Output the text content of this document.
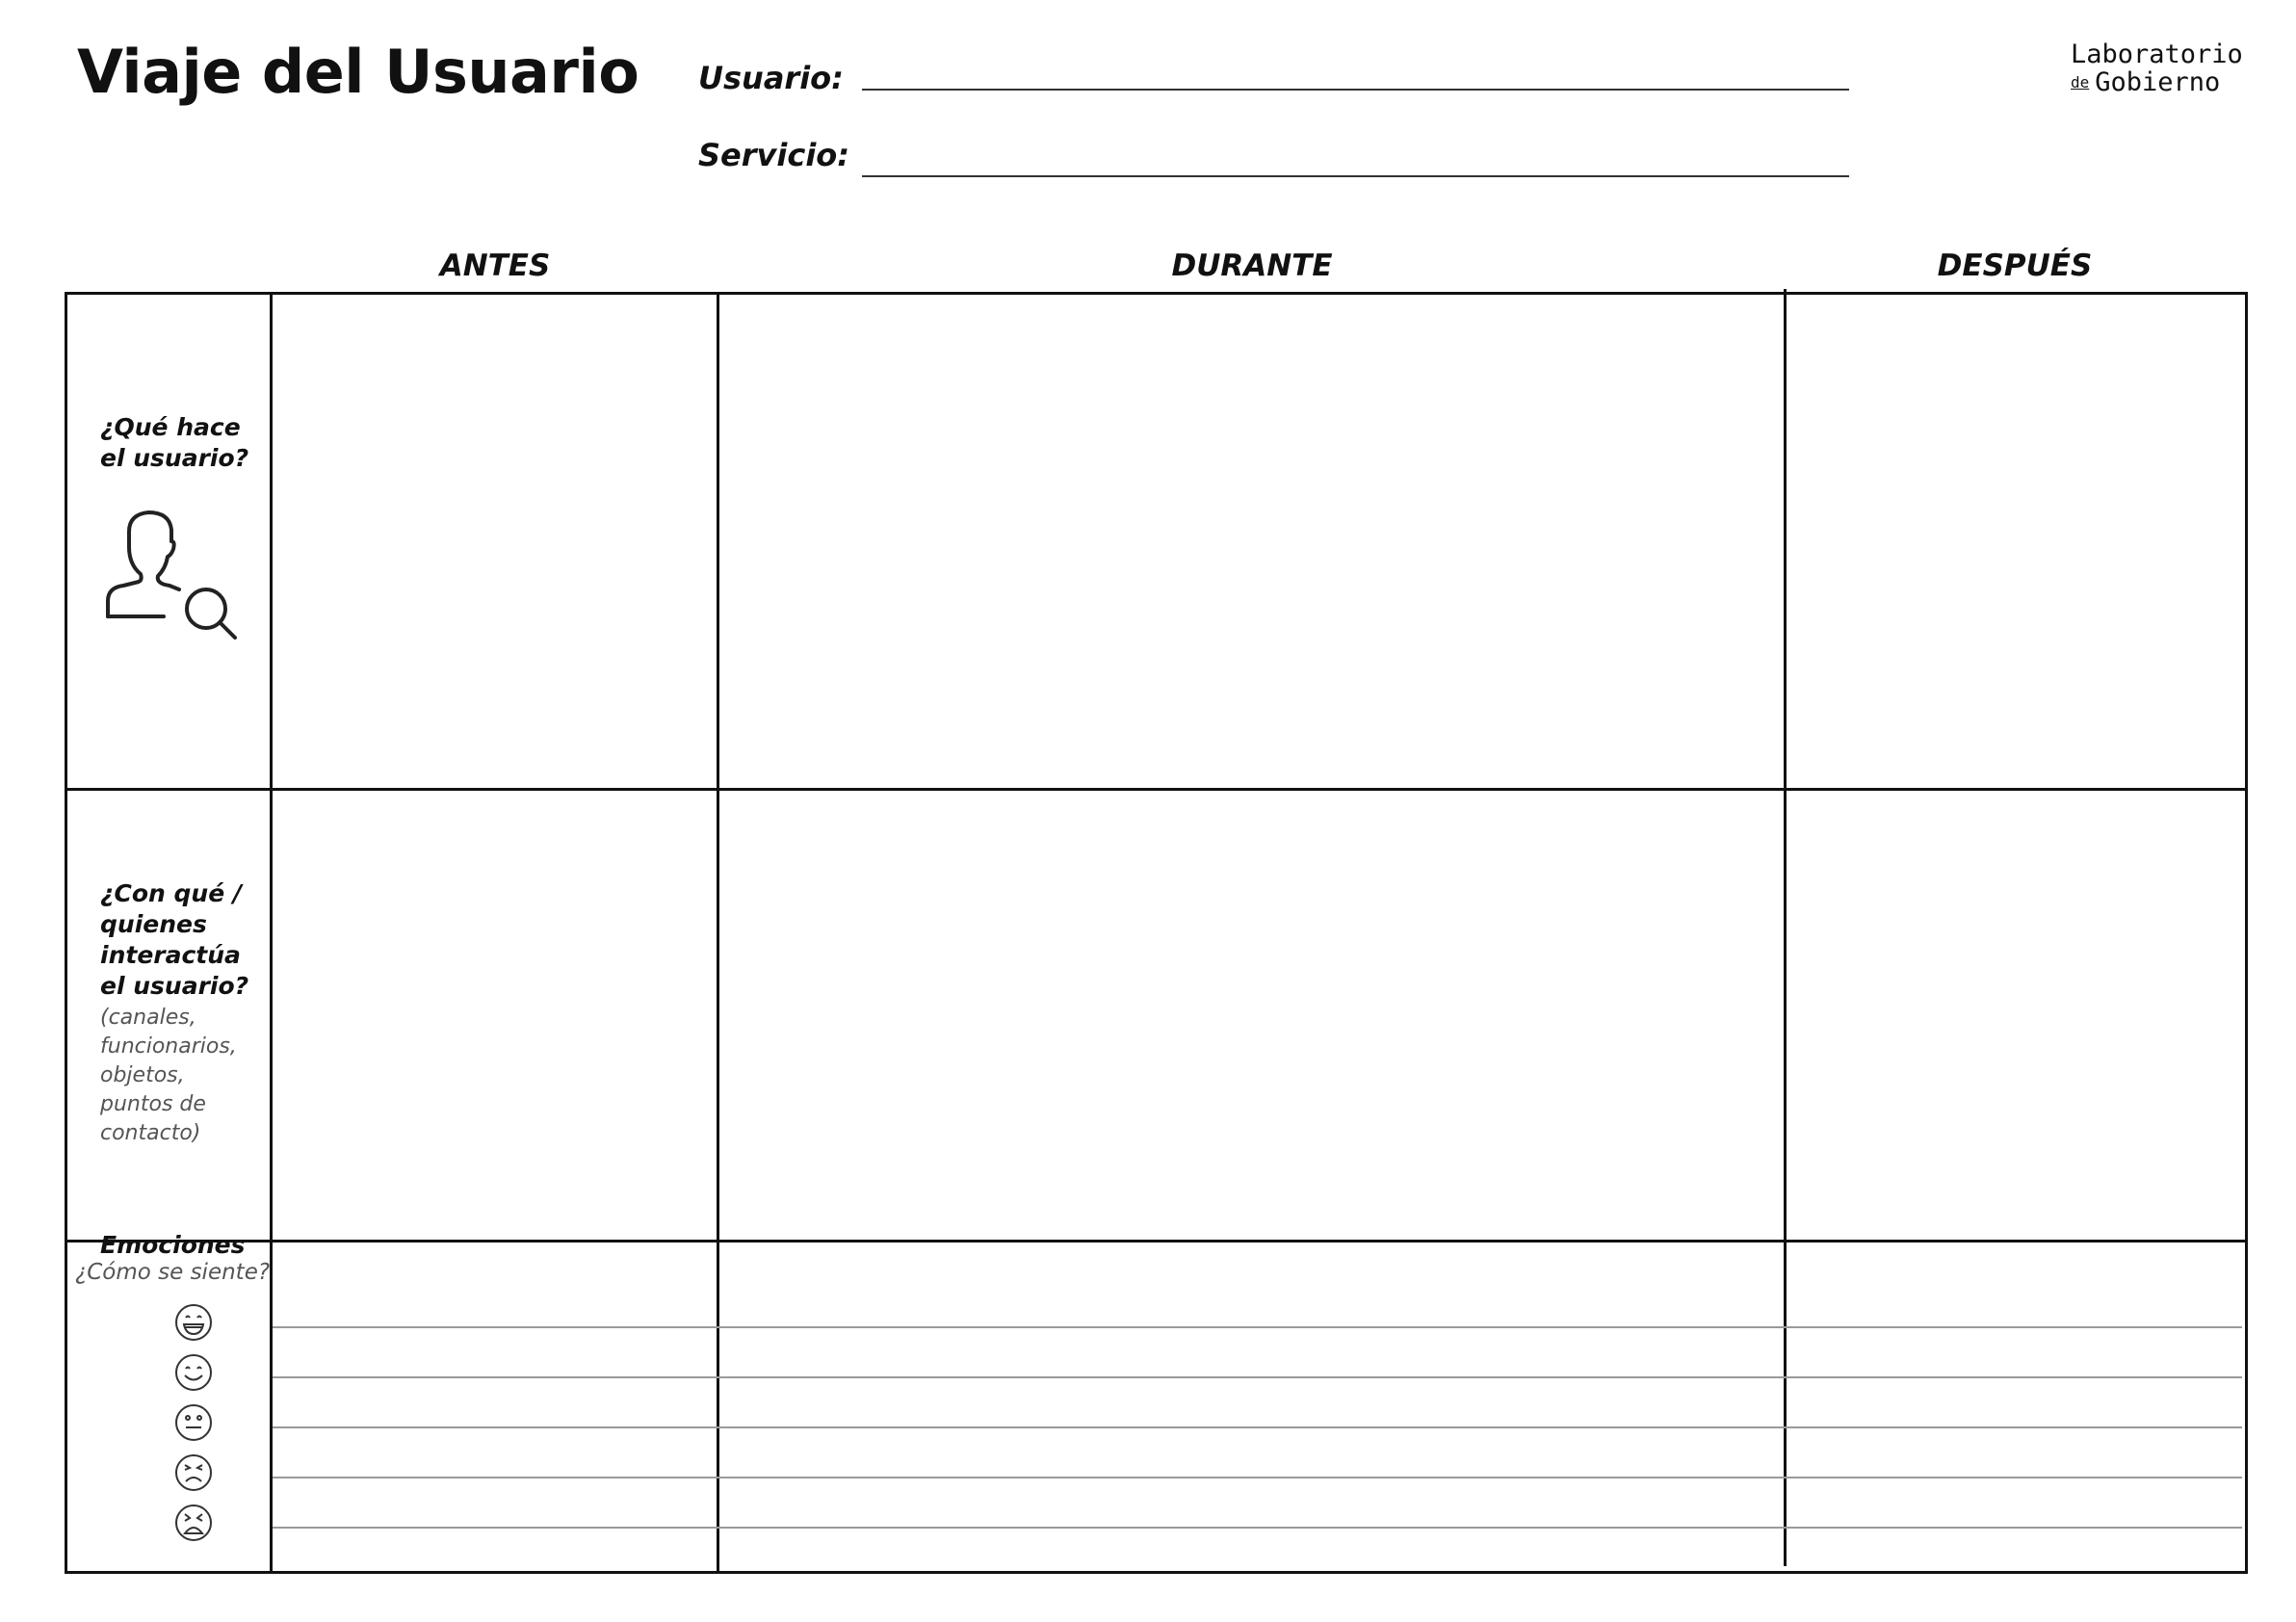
Viaje del Usuario Usuario:
Servicio:
Laboratorio
de Gobierno
ANTES	DURANTE	DESPUÉS
¿Qué hace
el usuario?
¿Con qué /
quienes
interactúa
el usuario?
(canales,
funcionarios,
objetos,
puntos de
contacto)
Emociones
¿Cómo se siente?
